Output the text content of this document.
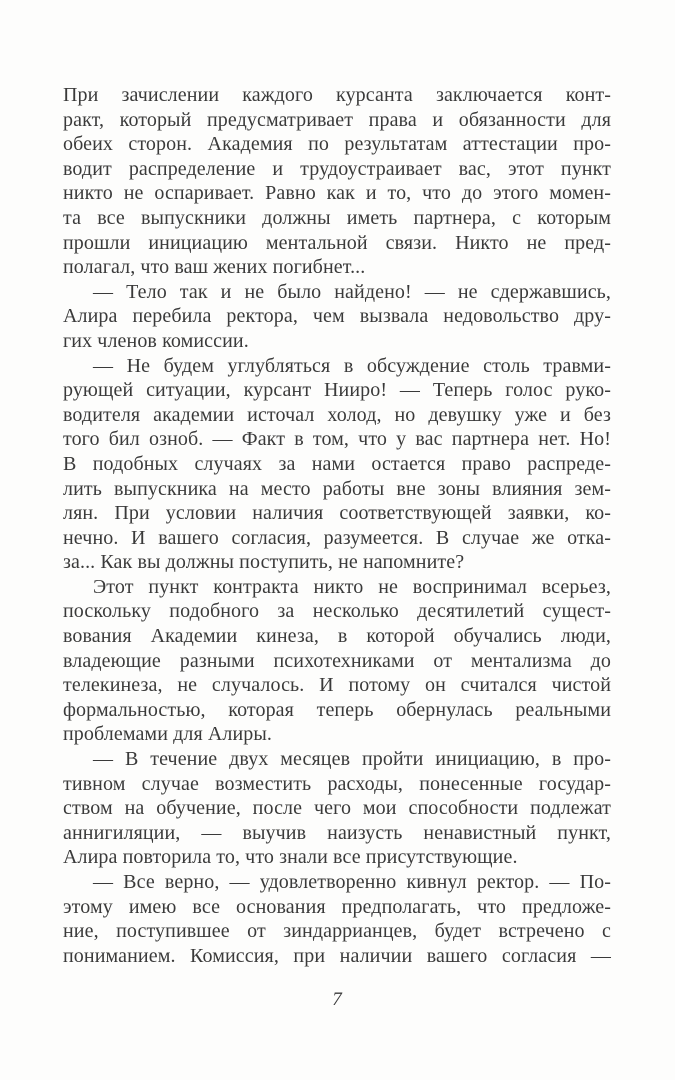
При зачислении каждого курсанта заключается конт-
ракт, который предусматривает права и обязанности для
обеих сторон. Академия по результатам аттестации про-
водит распределение и трудоустраивает вас, этот пункт
никто не оспаривает. Равно как и то, что до этого момен-
та все выпускники должны иметь партнера, с которым
прошли инициацию ментальной связи. Никто не пред-
полагал, что ваш жених погибнет...
— Тело так и не было найдено! — не сдержавшись,
Алира перебила ректора, чем вызвала недовольство дру-
гих членов комиссии.
— Не будем углубляться в обсуждение столь травми-
рующей ситуации, курсант Нииро! — Теперь голос руко-
водителя академии источал холод, но девушку уже и без
того бил озноб. — Факт в том, что у вас партнера нет. Но!
В подобных случаях за нами остается право распреде-
лить выпускника на место работы вне зоны влияния зем-
лян. При условии наличия соответствующей заявки, ко-
нечно. И вашего согласия, разумеется. В случае же отка-
за... Как вы должны поступить, не напомните?
Этот пункт контракта никто не воспринимал всерьез,
поскольку подобного за несколько десятилетий сущест-
вования Академии кинеза, в которой обучались люди,
владеющие разными психотехниками от ментализма до
телекинеза, не случалось. И потому он считался чистой
формальностью, которая теперь обернулась реальными
проблемами для Алиры.
— В течение двух месяцев пройти инициацию, в про-
тивном случае возместить расходы, понесенные государ-
ством на обучение, после чего мои способности подлежат
аннигиляции, — выучив наизусть ненавистный пункт,
Алира повторила то, что знали все присутствующие.
— Все верно, — удовлетворенно кивнул ректор. — По-
этому имею все основания предполагать, что предложе-
ние, поступившее от зиндаррианцев, будет встречено с
пониманием. Комиссия, при наличии вашего согласия —
7
